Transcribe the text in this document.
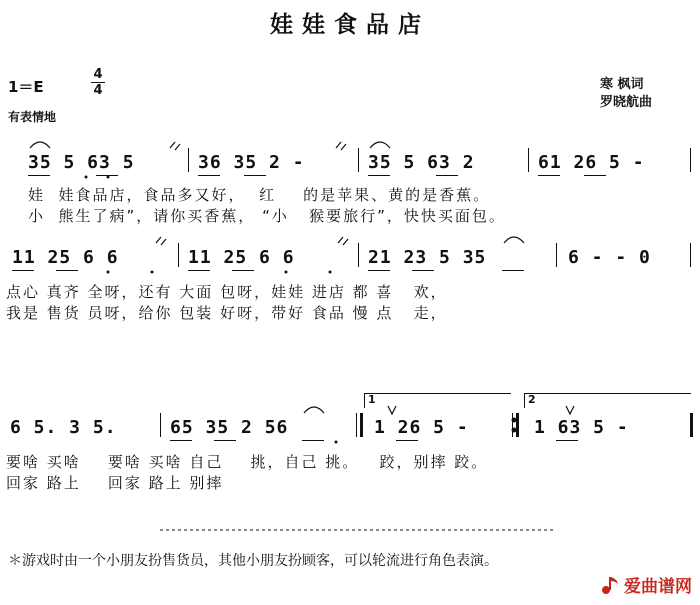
娃娃食品店
1＝E
4
4
有表情地
寒 枫词
罗晓航曲
35 5 63 5	36 35 2 -	35 5 63 2	61 26 5 -
娃  娃食品店，食品多又好，  红    的是苹果、黄的是香蕉。
小  熊生了病”，请你买香蕉， “小   猴要旅行”，快快买面包。
11 25 6 6	11 25 6 6	21 23 5 35	6 - - 0
点心 真齐 全呀，还有 大面 包呀，娃娃 进店 都 喜   欢，
我是 售货 员呀，给你 包装 好呀，带好 食品 慢 点   走，
6 5. 3 5.	65 35 2 56	1 26 5 -	1 63 5 -
要啥 买啥    要啥 买啥 自己    挑，自己 挑。   跤，别摔 跤。
回家 路上    回家 路上 别摔
1	2
＊游戏时由一个小朋友扮售货员，其他小朋友扮顾客，可以轮流进行角色表演。
爱曲谱网
